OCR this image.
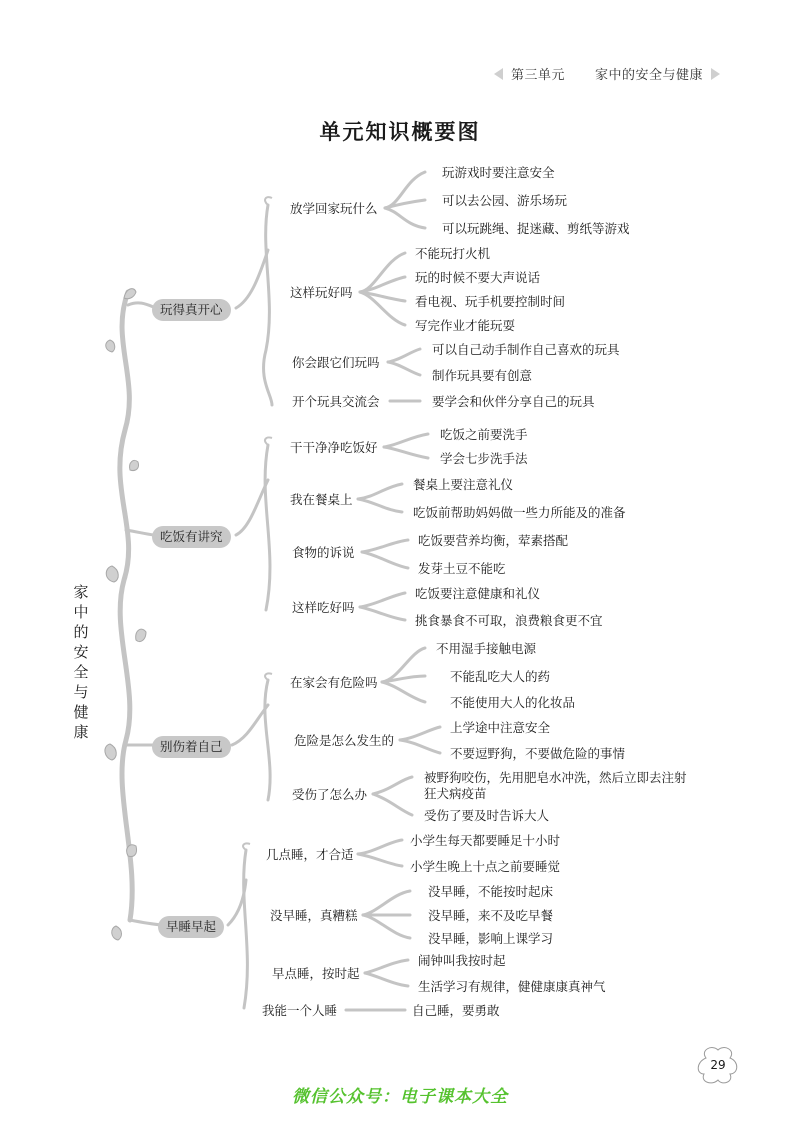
第三单元 家中的安全与健康
单元知识概要图
家中的安全与健康
玩得真开心
吃饭有讲究
别伤着自己
早睡早起
放学回家玩什么
这样玩好吗
你会跟它们玩吗
开个玩具交流会
干干净净吃饭好
我在餐桌上
食物的诉说
这样吃好吗
在家会有危险吗
危险是怎么发生的
受伤了怎么办
几点睡，才合适
没早睡，真糟糕
早点睡，按时起
我能一个人睡
玩游戏时要注意安全
可以去公园、游乐场玩
可以玩跳绳、捉迷藏、剪纸等游戏
不能玩打火机
玩的时候不要大声说话
看电视、玩手机要控制时间
写完作业才能玩耍
可以自己动手制作自己喜欢的玩具
制作玩具要有创意
要学会和伙伴分享自己的玩具
吃饭之前要洗手
学会七步洗手法
餐桌上要注意礼仪
吃饭前帮助妈妈做一些力所能及的准备
吃饭要营养均衡，荤素搭配
发芽土豆不能吃
吃饭要注意健康和礼仪
挑食暴食不可取，浪费粮食更不宜
不用湿手接触电源
不能乱吃大人的药
不能使用大人的化妆品
上学途中注意安全
不要逗野狗，不要做危险的事情
被野狗咬伤，先用肥皂水冲洗，然后立即去注射
狂犬病疫苗
受伤了要及时告诉大人
小学生每天都要睡足十小时
小学生晚上十点之前要睡觉
没早睡，不能按时起床
没早睡，来不及吃早餐
没早睡，影响上课学习
闹钟叫我按时起
生活学习有规律，健健康康真神气
自己睡，要勇敢
29
微信公众号：电子课本大全
